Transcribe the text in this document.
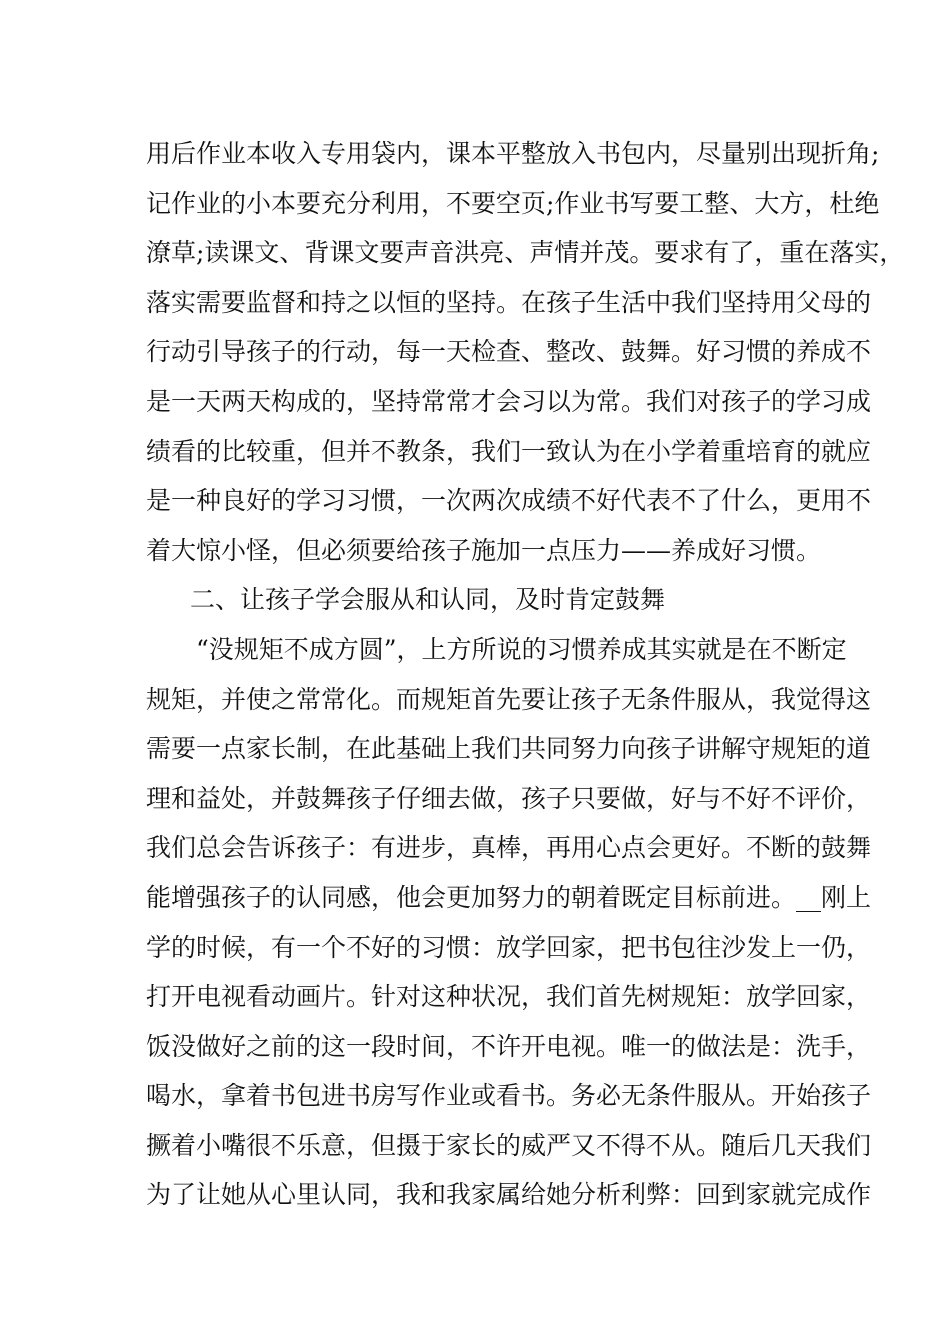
用后作业本收入专用袋内，课本平整放入书包内，尽量别出现折角;
记作业的小本要充分利用，不要空页;作业书写要工整、大方，杜绝
潦草;读课文、背课文要声音洪亮、声情并茂。要求有了，重在落实，
落实需要监督和持之以恒的坚持。在孩子生活中我们坚持用父母的
行动引导孩子的行动，每一天检查、整改、鼓舞。好习惯的养成不
是一天两天构成的，坚持常常才会习以为常。我们对孩子的学习成
绩看的比较重，但并不教条，我们一致认为在小学着重培育的就应
是一种良好的学习习惯，一次两次成绩不好代表不了什么，更用不
着大惊小怪，但必须要给孩子施加一点压力——养成好习惯。
二、让孩子学会服从和认同，及时肯定鼓舞
“没规矩不成方圆”，上方所说的习惯养成其实就是在不断定
规矩，并使之常常化。而规矩首先要让孩子无条件服从，我觉得这
需要一点家长制，在此基础上我们共同努力向孩子讲解守规矩的道
理和益处，并鼓舞孩子仔细去做，孩子只要做，好与不好不评价，
我们总会告诉孩子：有进步，真棒，再用心点会更好。不断的鼓舞
能增强孩子的认同感，他会更加努力的朝着既定目标前进。__刚上
学的时候，有一个不好的习惯：放学回家，把书包往沙发上一仍，
打开电视看动画片。针对这种状况，我们首先树规矩：放学回家，
饭没做好之前的这一段时间，不许开电视。唯一的做法是：洗手，
喝水，拿着书包进书房写作业或看书。务必无条件服从。开始孩子
撅着小嘴很不乐意，但摄于家长的威严又不得不从。随后几天我们
为了让她从心里认同，我和我家属给她分析利弊：回到家就完成作
